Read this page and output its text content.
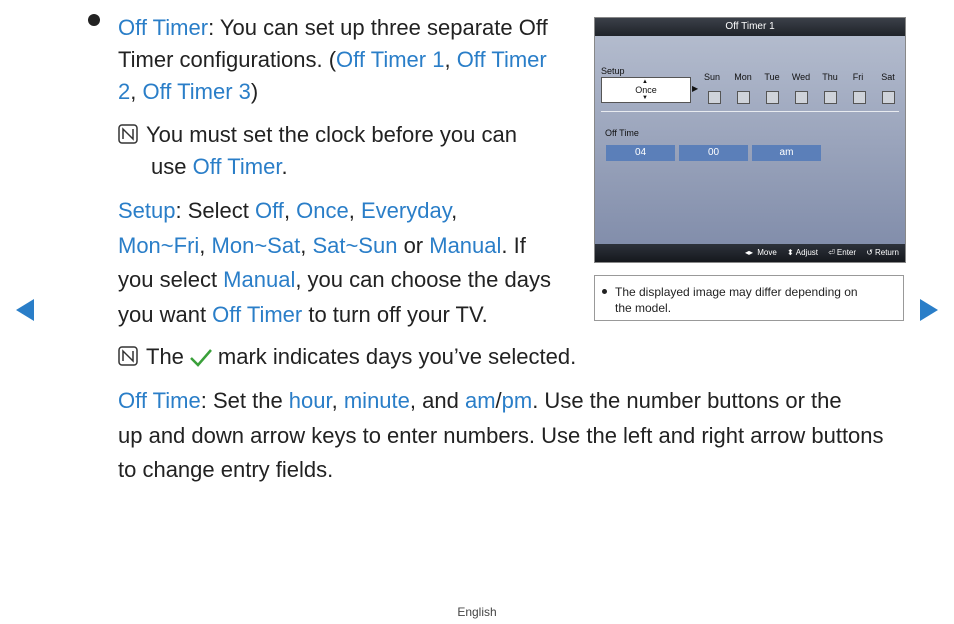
Off Timer: You can set up three separate Off
Timer configurations. (Off Timer 1, Off Timer
2, Off Timer 3)
You must set the clock before you can
use Off Timer.
Setup: Select Off, Once, Everyday,
Mon~Fri, Mon~Sat, Sat~Sun or Manual. If
you select Manual, you can choose the days
you want Off Timer to turn off your TV.
The mark indicates days you’ve selected.
Off Time: Set the hour, minute, and am/pm. Use the number buttons or the
up and down arrow keys to enter numbers. Use the left and right arrow buttons
to change entry fields.
Off Timer 1
Setup
▲
Once
▼
▶
Sun	Mon	Tue	Wed	Thu	Fri	Sat
Off Time
04	00	am
◂▸ Move ⬍ Adjust ⏎ Enter ↺ Return
The displayed image may differ depending on
the model.
English
